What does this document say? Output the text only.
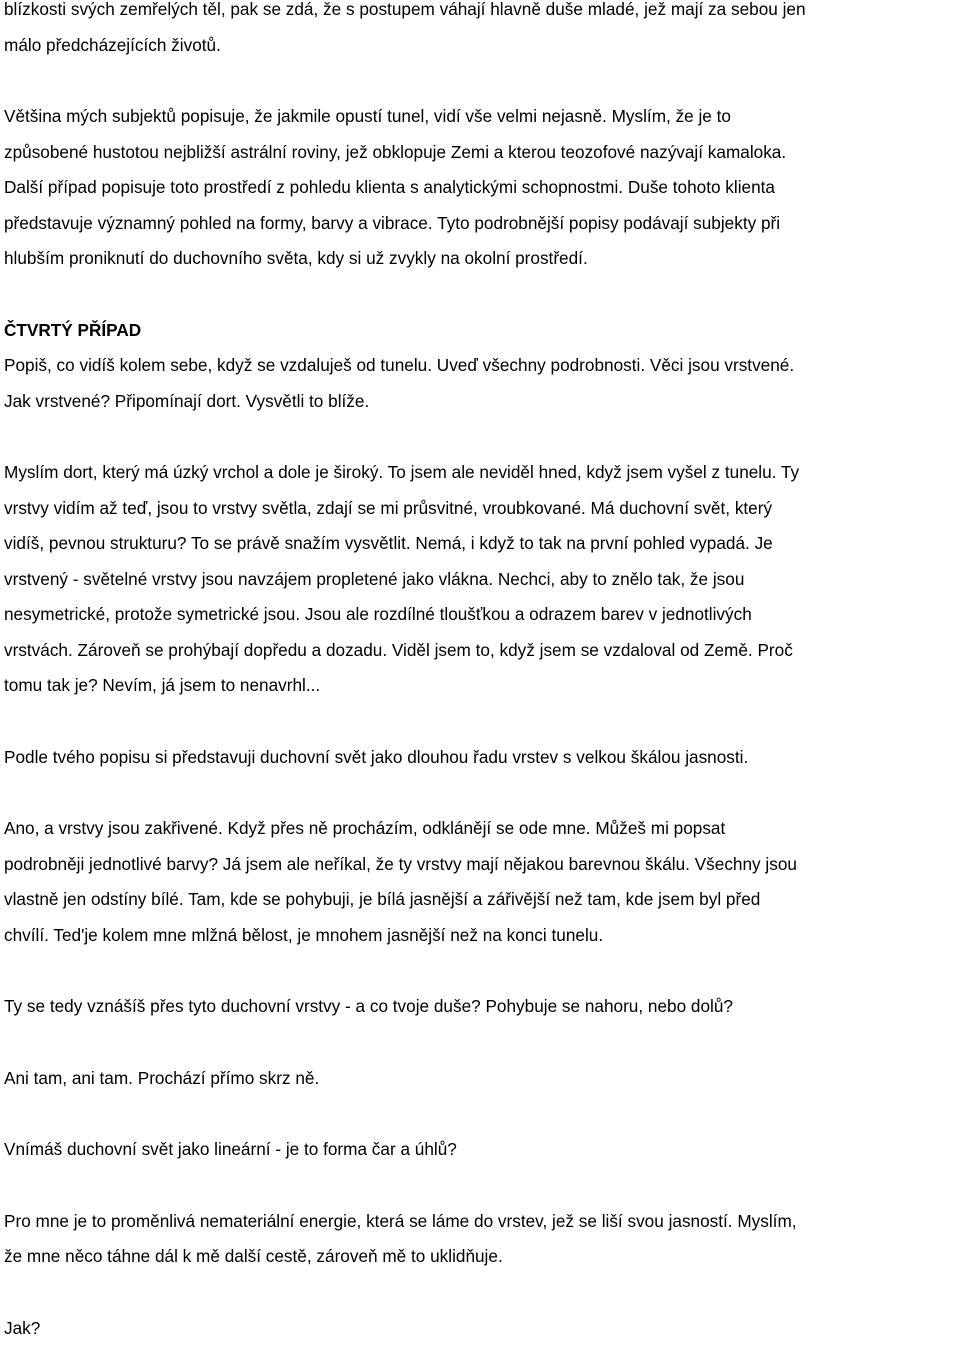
blízkosti svých zemřelých těl, pak se zdá, že s postupem váhají hlavně duše mladé, jež mají za sebou jen
málo předcházejících životů.

Většina mých subjektů popisuje, že jakmile opustí tunel, vidí vše velmi nejasně. Myslím, že je to
způsobené hustotou nejbližší astrální roviny, jež obklopuje Zemi a kterou teozofové nazývají kamaloka.
Další případ popisuje toto prostředí z pohledu klienta s analytickými schopnostmi. Duše tohoto klienta
představuje významný pohled na formy, barvy a vibrace. Tyto podrobnější popisy podávají subjekty při
hlubším proniknutí do duchovního světa, kdy si už zvykly na okolní prostředí.

ČTVRTÝ PŘÍPAD
Popiš, co vidíš kolem sebe, když se vzdaluješ od tunelu. Uveď všechny podrobnosti. Věci jsou vrstvené.
Jak vrstvené? Připomínají dort. Vysvětli to blíže.

Myslím dort, který má úzký vrchol a dole je široký. To jsem ale neviděl hned, když jsem vyšel z tunelu. Ty
vrstvy vidím až teď, jsou to vrstvy světla, zdají se mi průsvitné, vroubkované. Má duchovní svět, který
vidíš, pevnou strukturu? To se právě snažím vysvětlit. Nemá, i když to tak na první pohled vypadá. Je
vrstvený - světelné vrstvy jsou navzájem propletené jako vlákna. Nechci, aby to znělo tak, že jsou
nesymetrické, protože symetrické jsou. Jsou ale rozdílné tloušťkou a odrazem barev v jednotlivých
vrstvách. Zároveň se prohýbají dopředu a dozadu. Viděl jsem to, když jsem se vzdaloval od Země. Proč
tomu tak je? Nevím, já jsem to nenavrhl...

Podle tvého popisu si představuji duchovní svět jako dlouhou řadu vrstev s velkou škálou jasnosti.

Ano, a vrstvy jsou zakřivené. Když přes ně procházím, odklánějí se ode mne. Můžeš mi popsat
podrobněji jednotlivé barvy? Já jsem ale neříkal, že ty vrstvy mají nějakou barevnou škálu. Všechny jsou
vlastně jen odstíny bílé. Tam, kde se pohybuji, je bílá jasnější a zářivější než tam, kde jsem byl před
chvílí. Ted'je kolem mne mlžná bělost, je mnohem jasnější než na konci tunelu.

Ty se tedy vznášíš přes tyto duchovní vrstvy - a co tvoje duše? Pohybuje se nahoru, nebo dolů?

Ani tam, ani tam. Prochází přímo skrz ně.

Vnímáš duchovní svět jako lineární - je to forma čar a úhlů?

Pro mne je to proměnlivá nemateriální energie, která se láme do vrstev, jež se liší svou jasností. Myslím,
že mne něco táhne dál k mě další cestě, zároveň mě to uklidňuje.

Jak?
